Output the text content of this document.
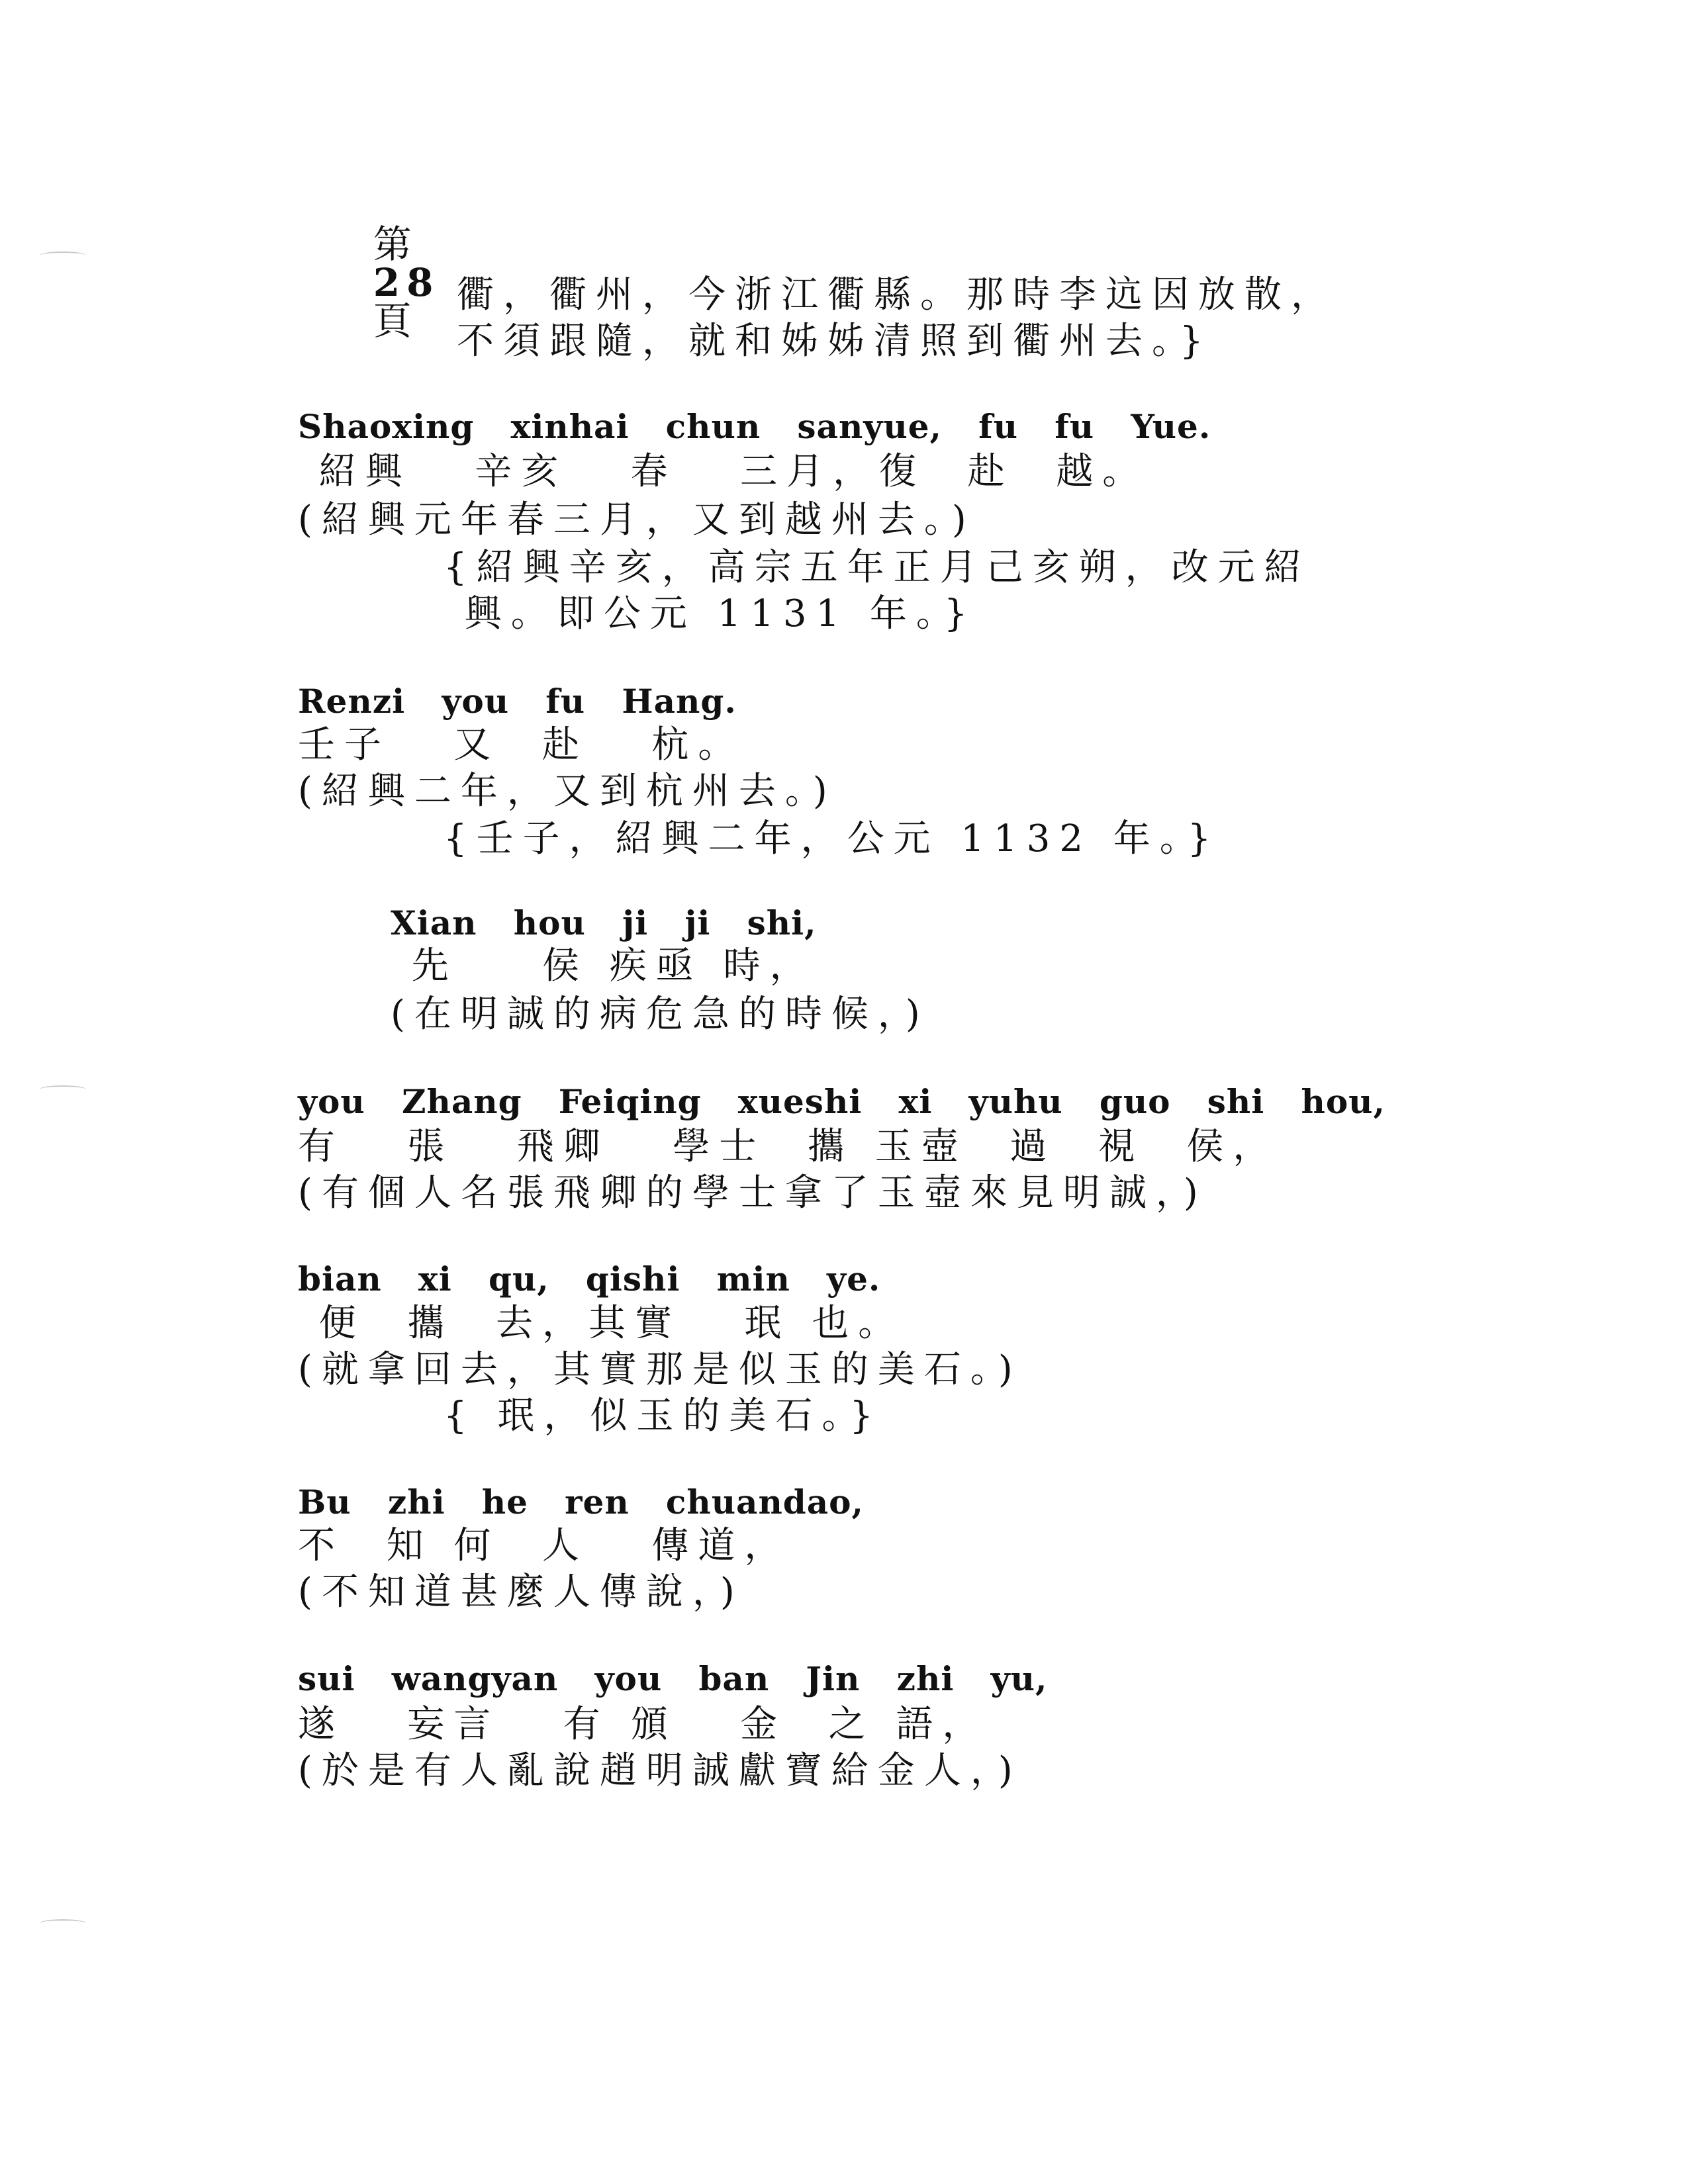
第
28
頁

衢，衢州，今浙江衢縣。那時李迒因放散，
不須跟隨，就和姊姊清照到衢州去。}
Shaoxing   xinhai   chun   sanyue,   fu   fu   Yue.
紹興   辛亥   春   三月，復  赴  越。
(紹興元年春三月，又到越州去。)
{紹興辛亥，高宗五年正月己亥朔，改元紹
興。即公元 1131 年。}
Renzi   you   fu   Hang.
壬子   又  赴   杭。
(紹興二年，又到杭州去。)
{壬子，紹興二年，公元 1132 年。}
Xian   hou   ji   ji   shi,
先    侯 疾亟 時，
(在明誠的病危急的時候，)
you   Zhang   Feiqing   xueshi   xi   yuhu   guo   shi   hou,
有   張   飛卿   學士  攜 玉壺  過  視  侯，
(有個人名張飛卿的學士拿了玉壺來見明誠，)
bian   xi   qu,   qishi   min   ye.
便  攜  去，其實   珉 也。
(就拿回去，其實那是似玉的美石。)
{ 珉，似玉的美石。}
Bu   zhi   he   ren   chuandao,
不  知 何  人   傳道，
(不知道甚麼人傳說，)
sui   wangyan   you   ban   Jin   zhi   yu,
遂   妄言   有 頒   金  之 語，
(於是有人亂說趙明誠獻寶給金人，)
